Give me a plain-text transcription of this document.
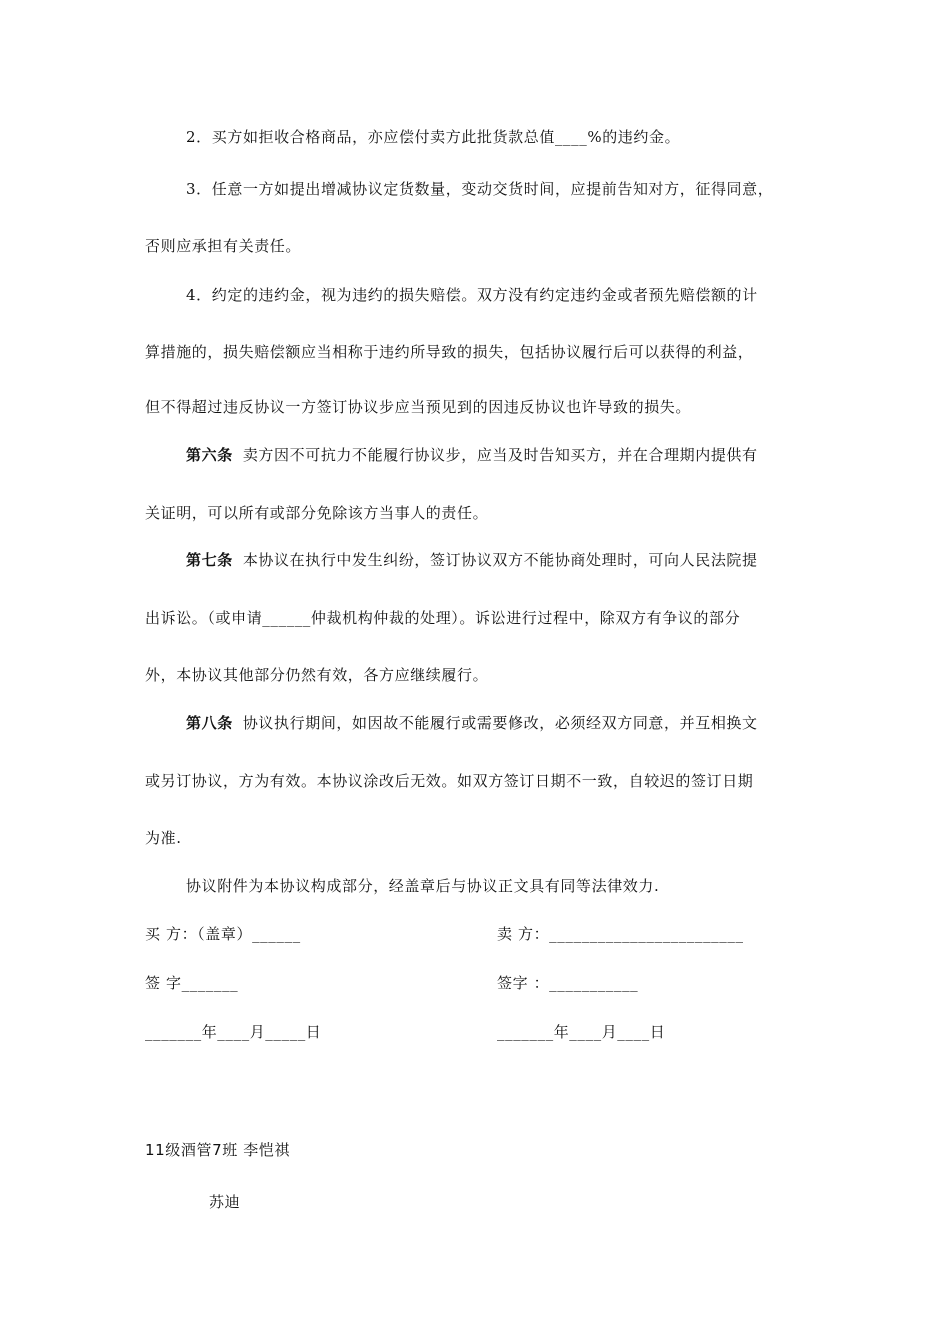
2．买方如拒收合格商品，亦应偿付卖方此批货款总值____%的违约金。
3．任意一方如提出增减协议定货数量，变动交货时间，应提前告知对方，征得同意，
否则应承担有关责任。
4．约定的违约金，视为违约的损失赔偿。双方没有约定违约金或者预先赔偿额的计
算措施的，损失赔偿额应当相称于违约所导致的损失，包括协议履行后可以获得的利益，
但不得超过违反协议一方签订协议步应当预见到的因违反协议也许导致的损失。
第六条 卖方因不可抗力不能履行协议步，应当及时告知买方，并在合理期内提供有
关证明，可以所有或部分免除该方当事人的责任。
第七条 本协议在执行中发生纠纷，签订协议双方不能协商处理时，可向人民法院提
出诉讼。（或申请______仲裁机构仲裁的处理）。诉讼进行过程中，除双方有争议的部分
外，本协议其他部分仍然有效，各方应继续履行。
第八条 协议执行期间，如因故不能履行或需要修改，必须经双方同意，并互相换文
或另订协议，方为有效。本协议涂改后无效。如双方签订日期不一致，自较迟的签订日期
为准.
协议附件为本协议构成部分，经盖章后与协议正文具有同等法律效力.
买 方：（盖章）______	卖 方：________________________
签 字_______	签字 ：___________
_______年____月_____日	_______年____月____日
11级酒管7班 李恺祺
苏迪
